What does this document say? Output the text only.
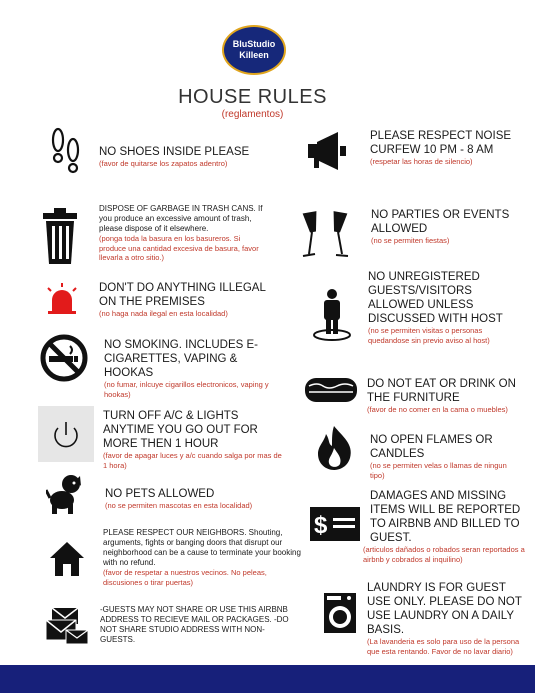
BluStudio
Killeen
HOUSE RULES
(reglamentos)
NO SHOES INSIDE PLEASE
(favor de quitarse los zapatos adentro)
DISPOSE OF GARBAGE IN TRASH CANS. If you produce an excessive amount of trash, please dispose of it elsewhere.
(ponga toda la basura en los basureros. Si produce una cantidad excesiva de basura, favor llevarla a otro sitio.)
DON'T DO ANYTHING ILLEGAL ON THE PREMISES
(no haga nada ilegal en esta localidad)
NO SMOKING. INCLUDES E-CIGARETTES, VAPING & HOOKAS
(no fumar, inlcuye cigarillos electronicos, vaping y hookas)
TURN OFF A/C & LIGHTS ANYTIME YOU GO OUT FOR MORE THEN 1 HOUR
(favor de apagar luces y a/c cuando salga por mas de 1 hora)
NO PETS ALLOWED
(no se permiten mascotas en esta localidad)
PLEASE RESPECT OUR NEIGHBORS. Shouting, arguments, fights or banging doors that disrupt our neighborhood can be a cause to terminate your booking with no refund.
(favor de respetar a nuestros vecinos. No peleas, discusiones o tirar puertas)
-GUESTS MAY NOT SHARE OR USE THIS AIRBNB ADDRESS TO RECIEVE MAIL OR PACKAGES. -DO NOT SHARE STUDIO ADDRESS WITH NON-GUESTS.
PLEASE RESPECT NOISE CURFEW 10 PM - 8 AM
(respetar las horas de silencio)
NO PARTIES OR EVENTS ALLOWED
(no se permiten fiestas)
NO UNREGISTERED GUESTS/VISITORS ALLOWED UNLESS DISCUSSED WITH HOST
(no se permiten visitas o personas quedandose sin previo aviso al host)
DO NOT EAT OR DRINK ON THE FURNITURE
(favor de no comer en la cama o muebles)
NO OPEN FLAMES OR CANDLES
(no se permiten velas o llamas de ningun tipo)
$
DAMAGES AND MISSING ITEMS WILL BE REPORTED TO AIRBNB AND BILLED TO GUEST.
(articulos dañados o robados seran reportados a airbnb y cobrados al inquilino)
LAUNDRY IS FOR GUEST USE ONLY. PLEASE DO NOT USE LAUNDRY ON A DAILY BASIS.
(La lavanderia es solo para uso de la persona que esta rentando. Favor de no lavar diario)
